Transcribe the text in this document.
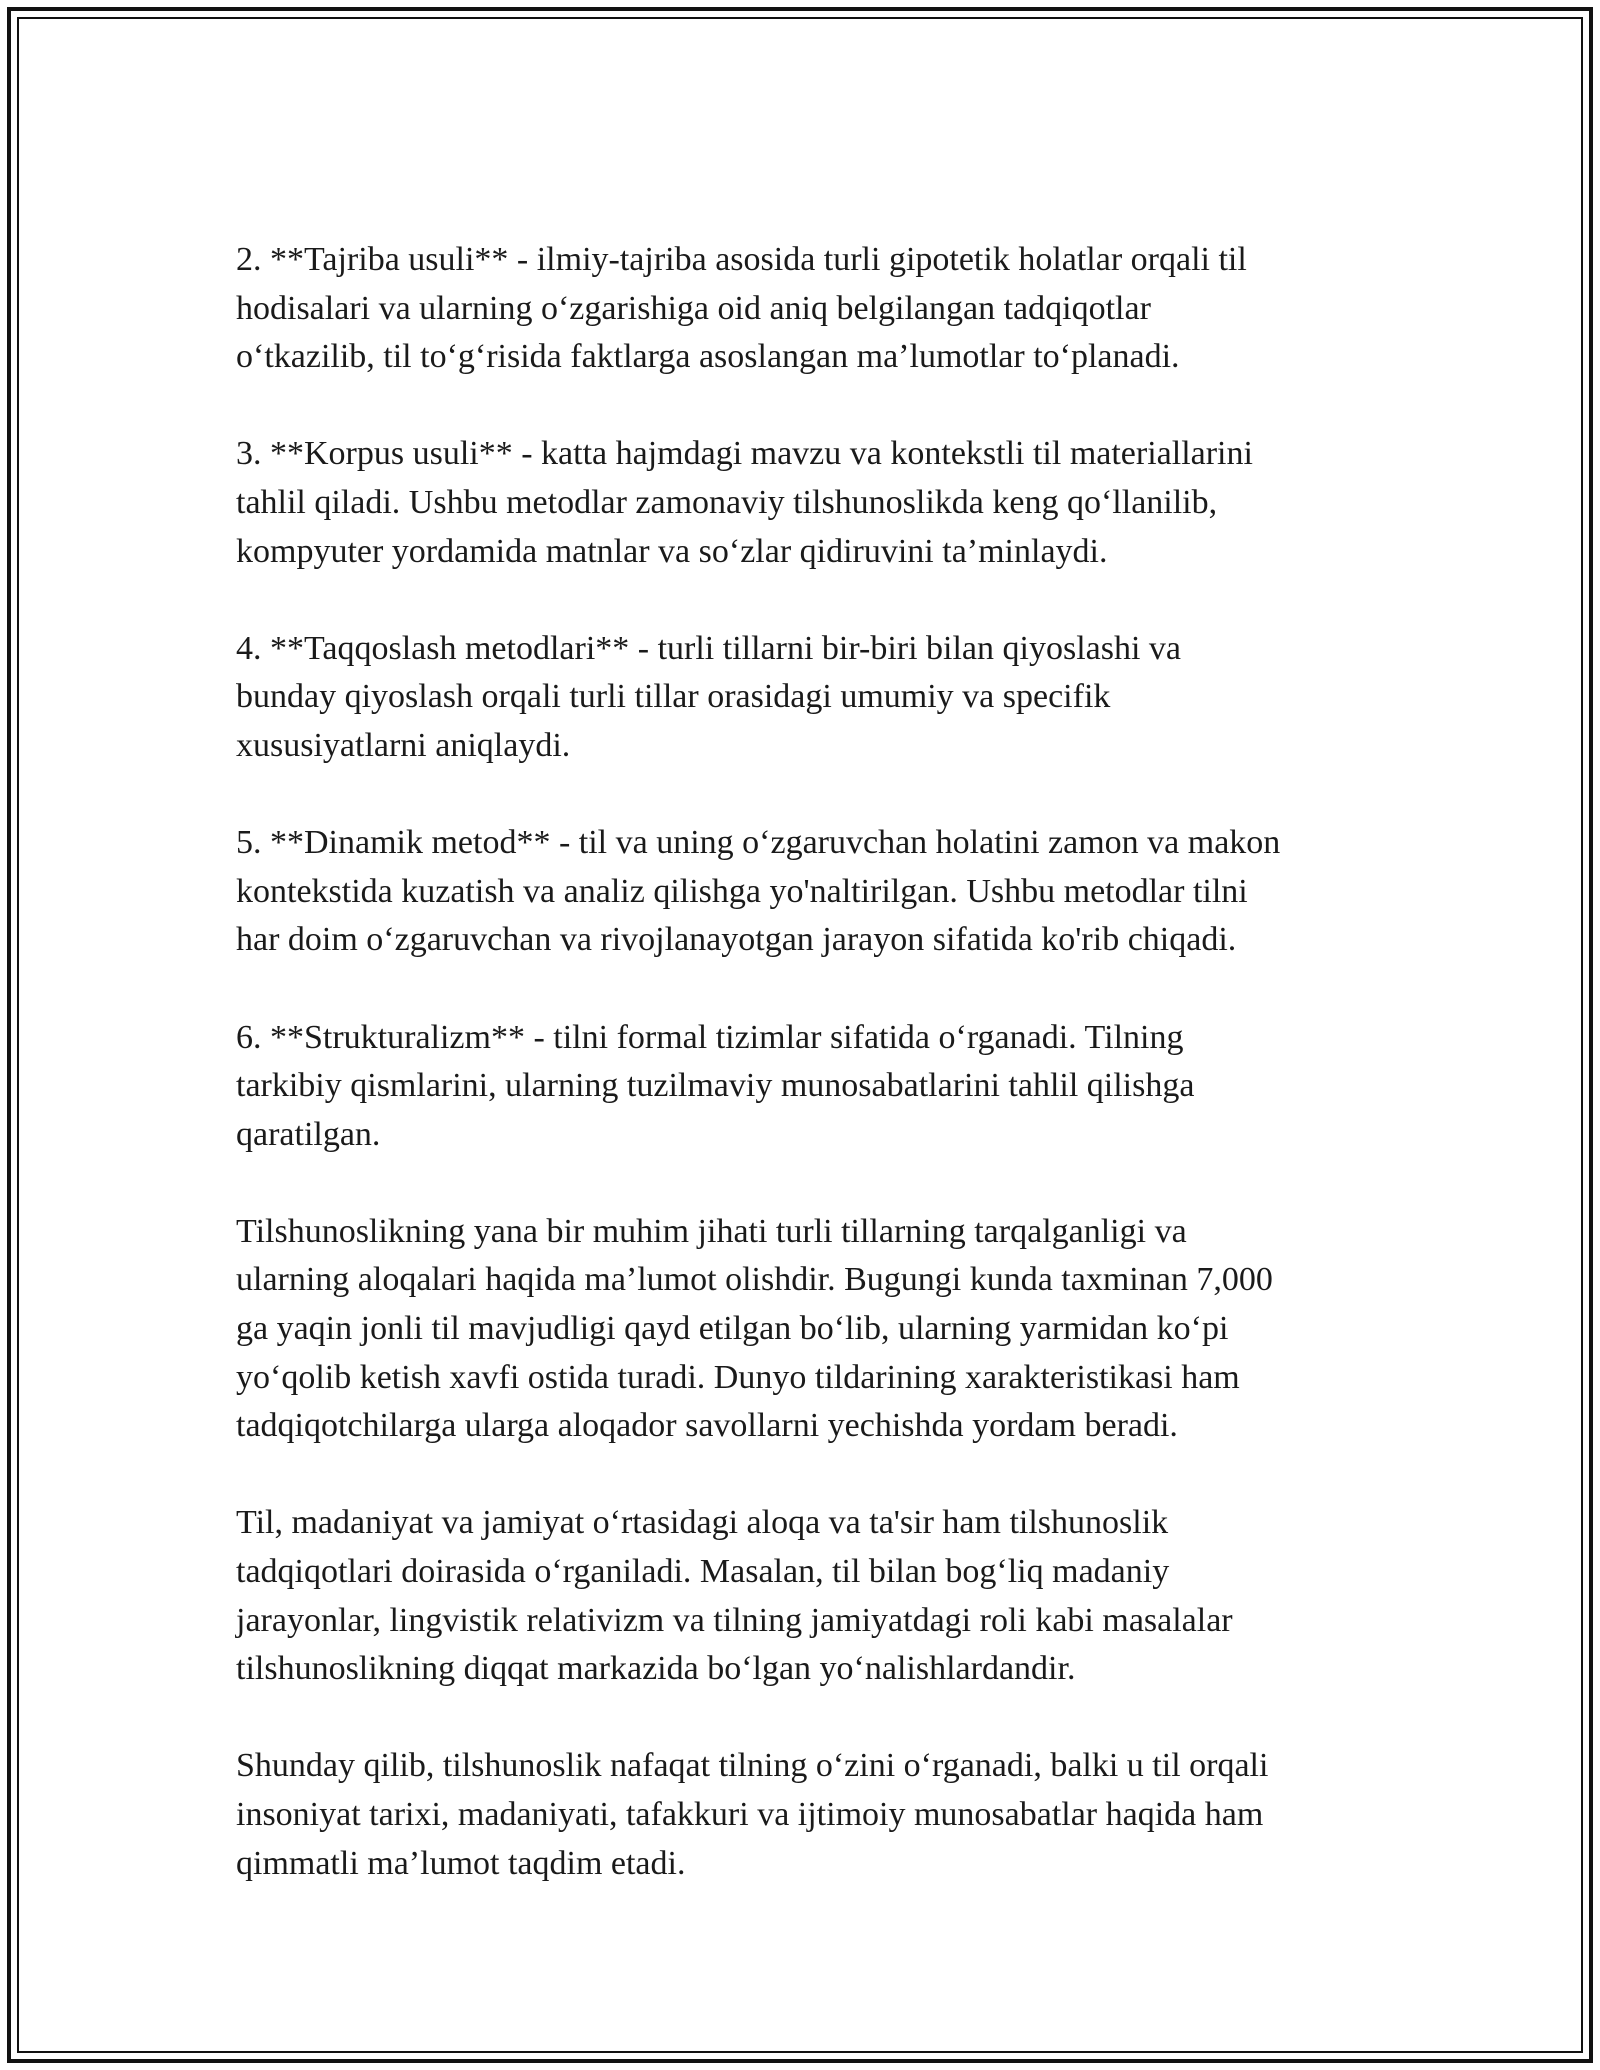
2. **Tajriba usuli** - ilmiy-tajriba asosida turli gipotetik holatlar orqali til
hodisalari va ularning o‘zgarishiga oid aniq belgilangan tadqiqotlar
o‘tkazilib, til to‘g‘risida faktlarga asoslangan ma’lumotlar to‘planadi.

3. **Korpus usuli** - katta hajmdagi mavzu va kontekstli til materiallarini
tahlil qiladi. Ushbu metodlar zamonaviy tilshunoslikda keng qo‘llanilib,
kompyuter yordamida matnlar va so‘zlar qidiruvini ta’minlaydi.

4. **Taqqoslash metodlari** - turli tillarni bir-biri bilan qiyoslashi va
bunday qiyoslash orqali turli tillar orasidagi umumiy va specifik
xususiyatlarni aniqlaydi.

5. **Dinamik metod** - til va uning o‘zgaruvchan holatini zamon va makon
kontekstida kuzatish va analiz qilishga yo'naltirilgan. Ushbu metodlar tilni
har doim o‘zgaruvchan va rivojlanayotgan jarayon sifatida ko'rib chiqadi.

6. **Strukturalizm** - tilni formal tizimlar sifatida o‘rganadi. Tilning
tarkibiy qismlarini, ularning tuzilmaviy munosabatlarini tahlil qilishga
qaratilgan.

Tilshunoslikning yana bir muhim jihati turli tillarning tarqalganligi va
ularning aloqalari haqida ma’lumot olishdir. Bugungi kunda taxminan 7,000
ga yaqin jonli til mavjudligi qayd etilgan bo‘lib, ularning yarmidan ko‘pi
yo‘qolib ketish xavfi ostida turadi. Dunyo tildarining xarakteristikasi ham
tadqiqotchilarga ularga aloqador savollarni yechishda yordam beradi.

Til, madaniyat va jamiyat o‘rtasidagi aloqa va ta'sir ham tilshunoslik
tadqiqotlari doirasida o‘rganiladi. Masalan, til bilan bog‘liq madaniy
jarayonlar, lingvistik relativizm va tilning jamiyatdagi roli kabi masalalar
tilshunoslikning diqqat markazida bo‘lgan yo‘nalishlardandir.

Shunday qilib, tilshunoslik nafaqat tilning o‘zini o‘rganadi, balki u til orqali
insoniyat tarixi, madaniyati, tafakkuri va ijtimoiy munosabatlar haqida ham
qimmatli ma’lumot taqdim etadi.
